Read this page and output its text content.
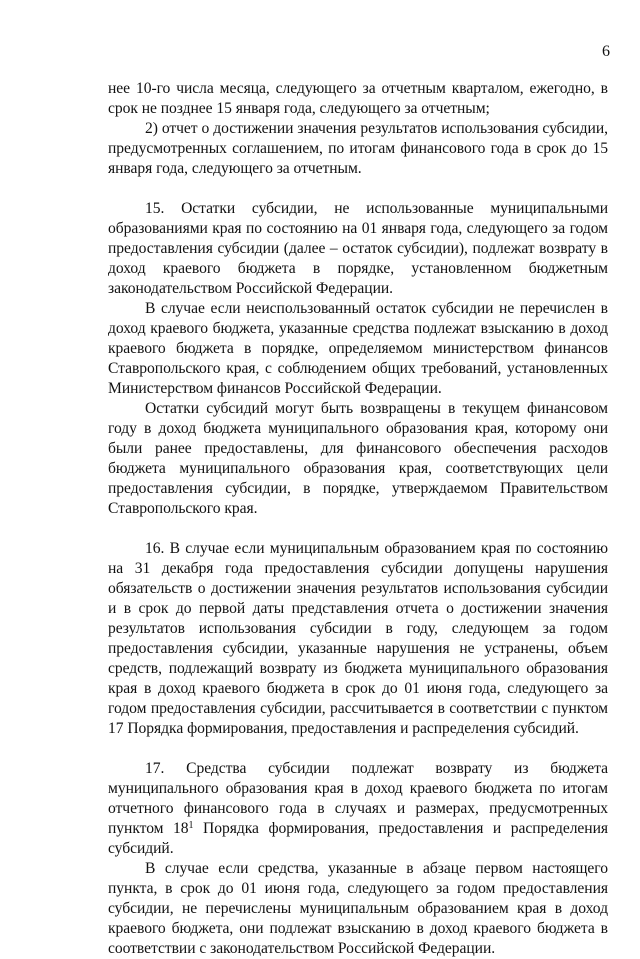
6

нее 10-го числа месяца, следующего за отчетным кварталом, ежегодно, в срок не позднее 15 января года, следующего за отчетным;

2) отчет о достижении значения результатов использования субсидии, предусмотренных соглашением, по итогам финансового года в срок до 15 января года, следующего за отчетным.

15. Остатки субсидии, не использованные муниципальными образованиями края по состоянию на 01 января года, следующего за годом предоставления субсидии (далее – остаток субсидии), подлежат возврату в доход краевого бюджета в порядке, установленном бюджетным законодательством Российской Федерации.

В случае если неиспользованный остаток субсидии не перечислен в доход краевого бюджета, указанные средства подлежат взысканию в доход краевого бюджета в порядке, определяемом министерством финансов Ставропольского края, с соблюдением общих требований, установленных Министерством финансов Российской Федерации.

Остатки субсидий могут быть возвращены в текущем финансовом году в доход бюджета муниципального образования края, которому они были ранее предоставлены, для финансового обеспечения расходов бюджета муниципального образования края, соответствующих цели предоставления субсидии, в порядке, утверждаемом Правительством Ставропольского края.

16. В случае если муниципальным образованием края по состоянию на 31 декабря года предоставления субсидии допущены нарушения обязательств о достижении значения результатов использования субсидии и в срок до первой даты представления отчета о достижении значения результатов использования субсидии в году, следующем за годом предоставления субсидии, указанные нарушения не устранены, объем средств, подлежащий возврату из бюджета муниципального образования края в доход краевого бюджета в срок до 01 июня года, следующего за годом предоставления субсидии, рассчитывается в соответствии с пунктом 17 Порядка формирования, предоставления и распределения субсидий.

17. Средства субсидии подлежат возврату из бюджета муниципального образования края в доход краевого бюджета по итогам отчетного финансового года в случаях и размерах, предусмотренных пунктом $18^1$ Порядка формирования, предоставления и распределения субсидий.

В случае если средства, указанные в абзаце первом настоящего пункта, в срок до 01 июня года, следующего за годом предоставления субсидии, не перечислены муниципальным образованием края в доход краевого бюджета, они подлежат взысканию в доход краевого бюджета в соответствии с законодательством Российской Федерации.
